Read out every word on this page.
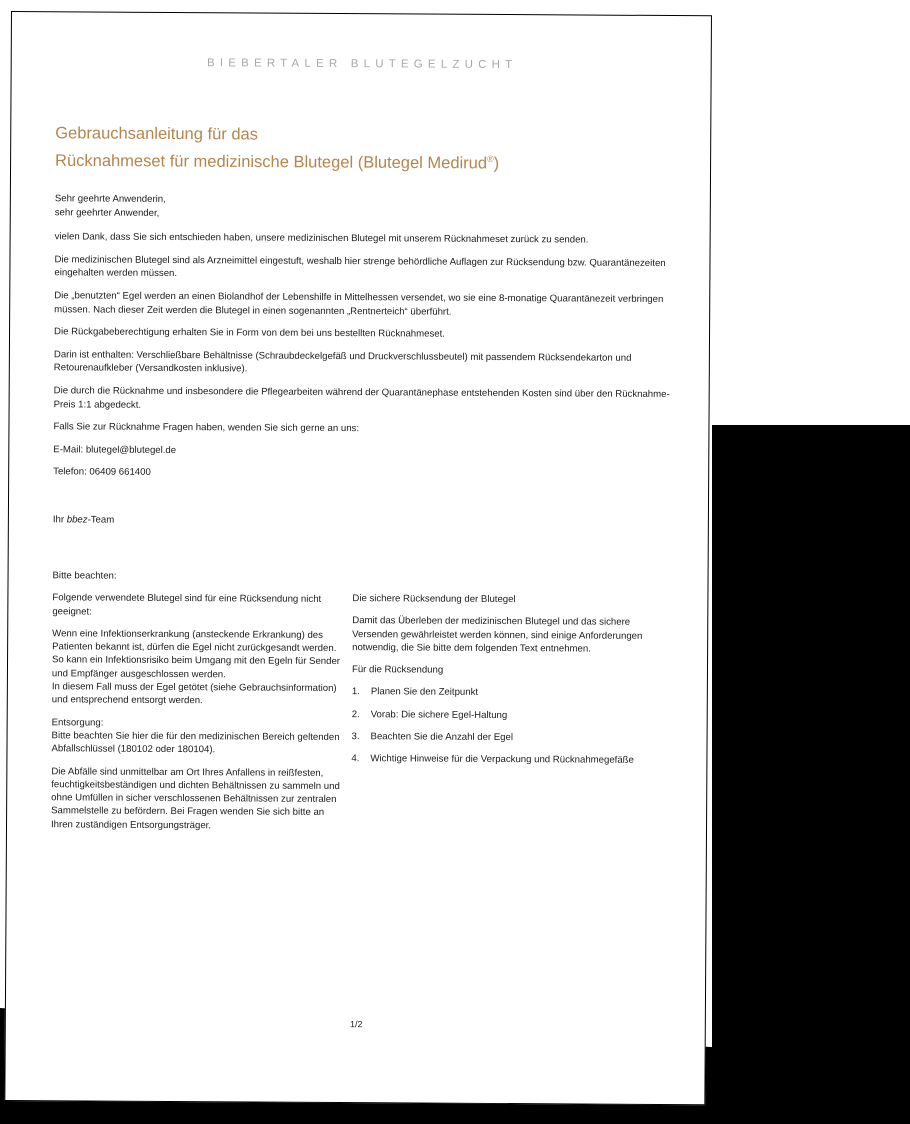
BIEBERTALER BLUTEGELZUCHT
Gebrauchsanleitung für das
Rücknahmeset für medizinische Blutegel (Blutegel Medirud®)

Sehr geehrte Anwenderin,

sehr geehrter Anwender,

vielen Dank, dass Sie sich entschieden haben, unsere medizinischen Blutegel mit unserem Rücknahmeset zurück zu senden.

Die medizinischen Blutegel sind als Arzneimittel eingestuft, weshalb hier strenge behördliche Auflagen zur Rücksendung bzw. Quarantänezeiten eingehalten werden müssen.

Die „benutzten“ Egel werden an einen Biolandhof der Lebenshilfe in Mittelhessen versendet, wo sie eine 8-monatige Quarantänezeit verbringen müssen. Nach dieser Zeit werden die Blutegel in einen sogenannten „Rentnerteich“ überführt.

Die Rückgabeberechtigung erhalten Sie in Form von dem bei uns bestellten Rücknahmeset.

Darin ist enthalten: Verschließbare Behältnisse (Schraubdeckelgefäß und Druckverschlussbeutel) mit passendem Rücksendekarton und Retourenaufkleber (Versandkosten inklusive).

Die durch die Rücknahme und insbesondere die Pflegearbeiten während der Quarantänephase entstehenden Kosten sind über den Rücknahme-Preis 1:1 abgedeckt.

Falls Sie zur Rücknahme Fragen haben, wenden Sie sich gerne an uns:

E-Mail: blutegel@blutegel.de

Telefon: 06409 661400

Ihr bbez-Team

Bitte beachten:

Folgende verwendete Blutegel sind für eine Rücksendung nicht geeignet:

Wenn eine Infektionserkrankung (ansteckende Erkrankung) des Patienten bekannt ist, dürfen die Egel nicht zurückgesandt werden.

So kann ein Infektionsrisiko beim Umgang mit den Egeln für Sender und Empfänger ausgeschlossen werden.

In diesem Fall muss der Egel getötet (siehe Gebrauchsinformation) und entsprechend entsorgt werden.

Entsorgung:

Bitte beachten Sie hier die für den medizinischen Bereich geltenden Abfallschlüssel (180102 oder 180104).

Die Abfälle sind unmittelbar am Ort Ihres Anfallens in reißfesten, feuchtigkeitsbeständigen und dichten Behältnissen zu sammeln und ohne Umfüllen in sicher verschlossenen Behältnissen zur zentralen Sammelstelle zu befördern. Bei Fragen wenden Sie sich bitte an Ihren zuständigen Entsorgungsträger.

Die sichere Rücksendung der Blutegel

Damit das Überleben der medizinischen Blutegel und das sichere Versenden gewährleistet werden können, sind einige Anforderungen notwendig, die Sie bitte dem folgenden Text entnehmen.

Für die Rücksendung

1. Planen Sie den Zeitpunkt
2. Vorab: Die sichere Egel-Haltung
3. Beachten Sie die Anzahl der Egel
4. Wichtige Hinweise für die Verpackung und Rücknahmegefäße
1/2
